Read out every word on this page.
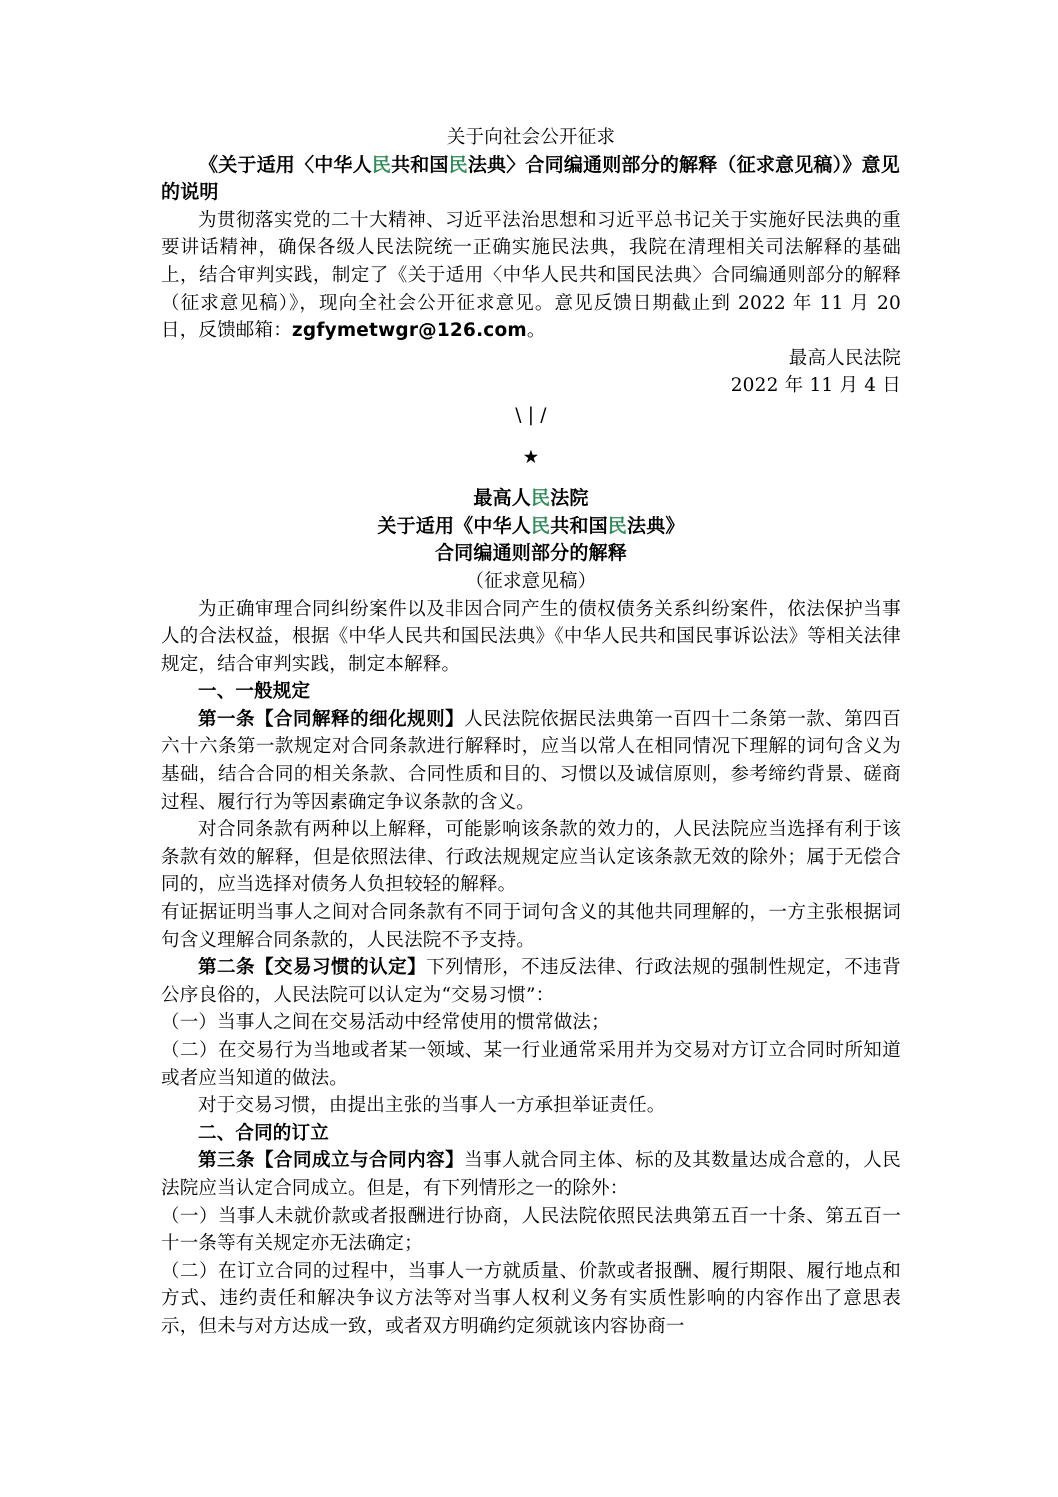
关于向社会公开征求

《关于适用〈中华人民共和国民法典〉合同编通则部分的解释（征求意见稿）》意见的说明

为贯彻落实党的二十大精神、习近平法治思想和习近平总书记关于实施好民法典的重要讲话精神，确保各级人民法院统一正确实施民法典，我院在清理相关司法解释的基础上，结合审判实践，制定了《关于适用〈中华人民共和国民法典〉合同编通则部分的解释（征求意见稿）》，现向全社会公开征求意见。意见反馈日期截止到 2022 年 11 月 20 日，反馈邮箱：zgfymetwgr@126.com。

最高人民法院

2022 年 11 月 4 日

\ | /

★

最高人民法院

关于适用《中华人民共和国民法典》

合同编通则部分的解释

（征求意见稿）

为正确审理合同纠纷案件以及非因合同产生的债权债务关系纠纷案件，依法保护当事人的合法权益，根据《中华人民共和国民法典》《中华人民共和国民事诉讼法》等相关法律规定，结合审判实践，制定本解释。

一、一般规定

第一条【合同解释的细化规则】人民法院依据民法典第一百四十二条第一款、第四百六十六条第一款规定对合同条款进行解释时，应当以常人在相同情况下理解的词句含义为基础，结合合同的相关条款、合同性质和目的、习惯以及诚信原则，参考缔约背景、磋商过程、履行行为等因素确定争议条款的含义。

对合同条款有两种以上解释，可能影响该条款的效力的，人民法院应当选择有利于该条款有效的解释，但是依照法律、行政法规规定应当认定该条款无效的除外；属于无偿合同的，应当选择对债务人负担较轻的解释。

有证据证明当事人之间对合同条款有不同于词句含义的其他共同理解的，一方主张根据词句含义理解合同条款的，人民法院不予支持。

第二条【交易习惯的认定】下列情形，不违反法律、行政法规的强制性规定，不违背公序良俗的，人民法院可以认定为“交易习惯”：

（一）当事人之间在交易活动中经常使用的惯常做法；

（二）在交易行为当地或者某一领域、某一行业通常采用并为交易对方订立合同时所知道或者应当知道的做法。

对于交易习惯，由提出主张的当事人一方承担举证责任。

二、合同的订立

第三条【合同成立与合同内容】当事人就合同主体、标的及其数量达成合意的，人民法院应当认定合同成立。但是，有下列情形之一的除外：

（一）当事人未就价款或者报酬进行协商，人民法院依照民法典第五百一十条、第五百一十一条等有关规定亦无法确定；

（二）在订立合同的过程中，当事人一方就质量、价款或者报酬、履行期限、履行地点和方式、违约责任和解决争议方法等对当事人权利义务有实质性影响的内容作出了意思表示，但未与对方达成一致，或者双方明确约定须就该内容协商一
